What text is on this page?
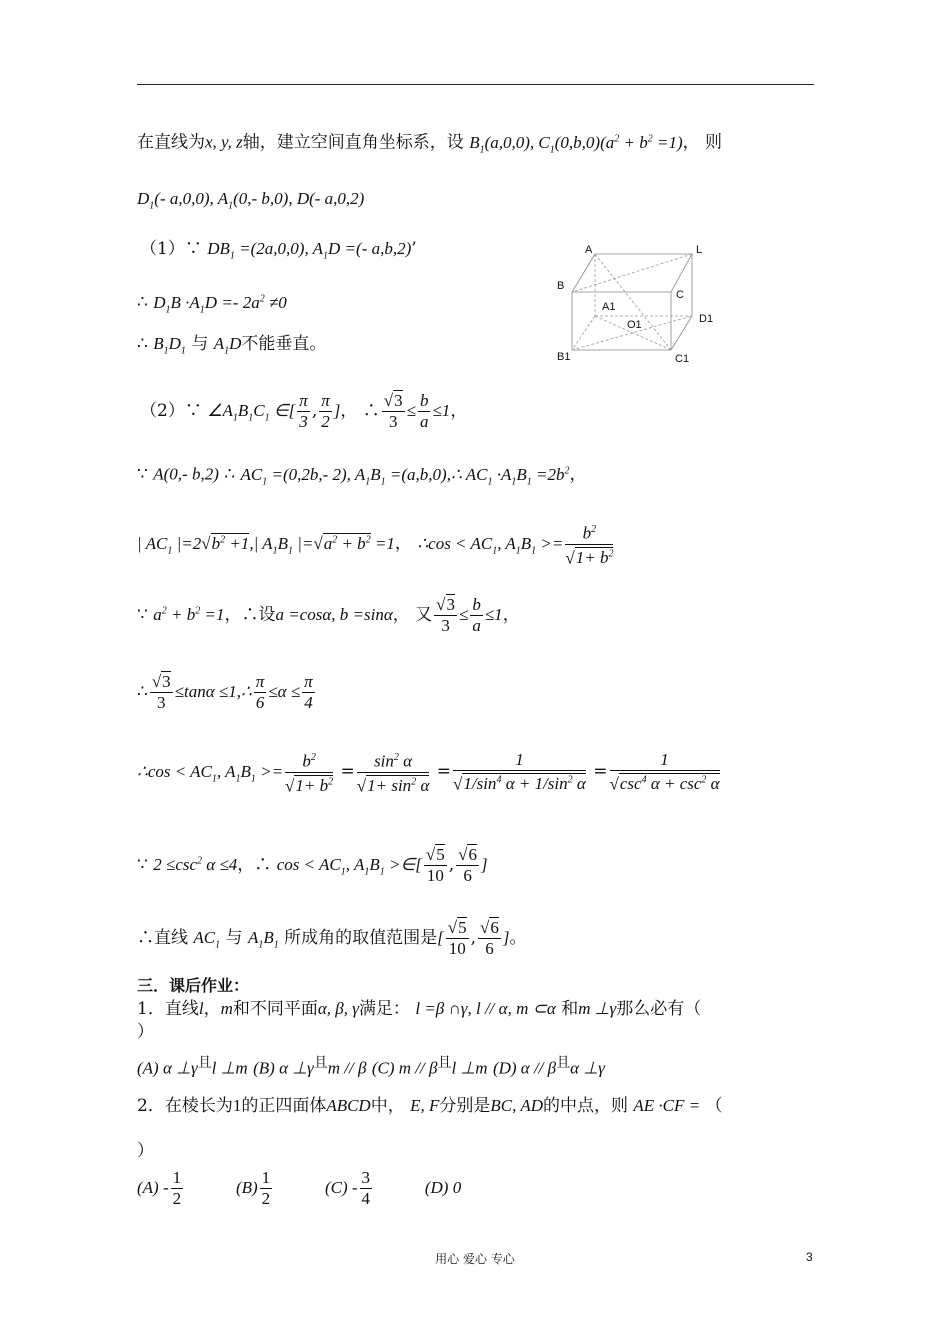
在直线为x, y, z轴，建立空间直角坐标系，设 $B_1(a,0,0)$, $C_1(0,b,0)(a^2 + b^2 =1)$， 则
$D_1(-$ a,0,0), $A_1(0,-$ b,0), D(- a,0,2)
A	L
B
C
A1
O1	D1
B1	C1
（1）∵ $DB_1 =(2a,0,0)$, $A_1D$ =(- a,b,2)’
∴ $D_1B \cdot A_1D =- 2a^2 \ne 0$
∴ $B_1D_1$ 与 $A_1D$不能垂直。
（2）∵ $\angle A_1B_1C_1$ ∈[ $\frac{\pi}{3}$ , $\frac{\pi}{2}$ ]， ∴ $\frac{√3}{3} \le \frac{b}{a} \le 1$，
∵ A(0,- b,2) ∴ $AC_1 =(0,2b,-$ 2), $A_1B_1$ =(a,b,0),∴ $AC_1 \cdot A_1B_1 =2b^2$，
| $AC_1$ $|=2√b^2 +1,|$ $A_1B_1$ $|=√a^2 + b^2 =1$， ∴cos < $AC_1$, $A_1B_1 >= \frac{b^2}{√1+ b^2}$
∵ $a^2 + b^2 =1$，∴设a =cosα, b =sinα， 又 $\frac{√3}{3} \le \frac{b}{a} \le 1$，
∴ $\frac{√3}{3} \le\tan\alpha$ ≤1,∴ $\frac{\pi}{6} \le\alpha \le \frac{\pi}{4}$
∴cos < $AC_1$, $A_1B_1 >= \frac{b^2}{√1+ b^2} = \frac{\sin^2 \alpha}{√1+ \sin^2 \alpha} = \frac{1}{√1/\sin^4 \alpha + 1/\sin^2 \alpha} = \frac{1}{√\csc^4 \alpha + \csc^2 \alpha}$
∵ $2 \le\csc^2$ α ≤4，∴ $\cos < AC_1$, $A_1B_1$ >∈[ $\frac{√5}{10}$ , $\frac{√6}{6}$ ]
∴直线 $AC_1$ 与 $A_1B_1$ 所成角的取值范围是[ $\frac{√5}{10}$ , $\frac{√6}{6}$ ]。
三．课后作业：
1．直线l，m和不同平面α, β, γ满足： l =β ∩γ, l // α, m ⊂α 和m ⊥γ那么必有（
）
(A) α $\perp\gamma^且l$ ⊥m (B) α $\perp\gamma^且m$ // β (C) m // $\beta^且l$ ⊥m (D) α // $\beta^且\alpha$ ⊥γ
2．在棱长为1的正四面体ABCD中， E, F分别是BC, AD的中点，则 AE ·CF = （
）
$(A) - \frac{1}{2}$	$(B) \frac{1}{2}$	$(C) - \frac{3}{4}$	(D) 0
用心 爱心 专心	3
